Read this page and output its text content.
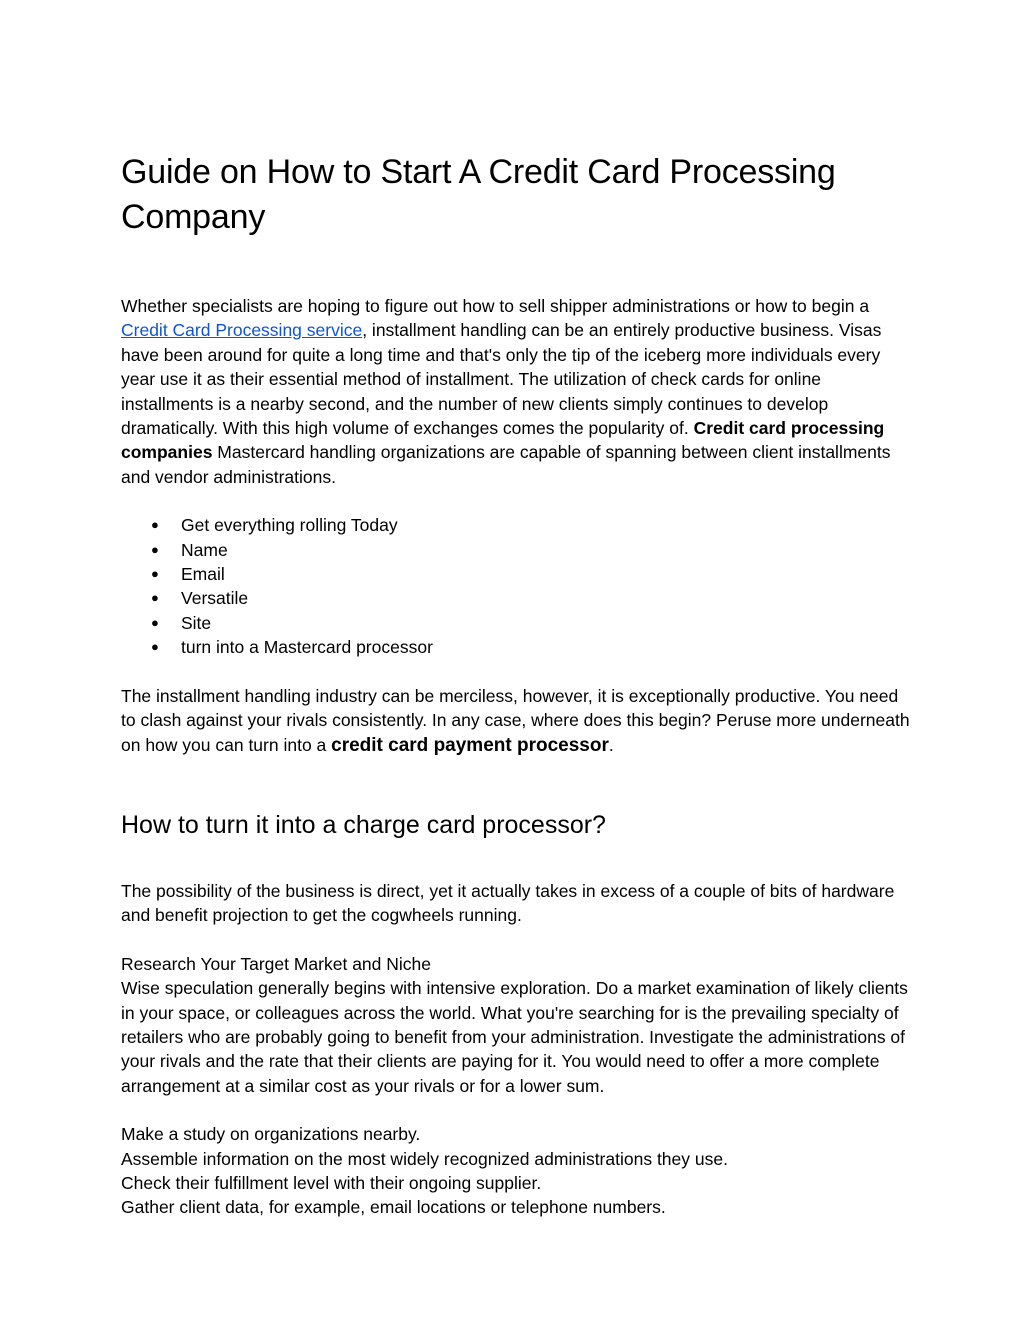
Guide on How to Start A Credit Card Processing Company

Whether specialists are hoping to figure out how to sell shipper administrations or how to begin a Credit Card Processing service, installment handling can be an entirely productive business. Visas have been around for quite a long time and that's only the tip of the iceberg more individuals every year use it as their essential method of installment. The utilization of check cards for online installments is a nearby second, and the number of new clients simply continues to develop dramatically. With this high volume of exchanges comes the popularity of. Credit card processing companies Mastercard handling organizations are capable of spanning between client installments and vendor administrations.

● Get everything rolling Today
● Name
● Email
● Versatile
● Site
● turn into a Mastercard processor

The installment handling industry can be merciless, however, it is exceptionally productive. You need to clash against your rivals consistently. In any case, where does this begin? Peruse more underneath on how you can turn into a credit card payment processor.

How to turn it into a charge card processor?

The possibility of the business is direct, yet it actually takes in excess of a couple of bits of hardware and benefit projection to get the cogwheels running.

Research Your Target Market and Niche

Wise speculation generally begins with intensive exploration. Do a market examination of likely clients in your space, or colleagues across the world. What you're searching for is the prevailing specialty of retailers who are probably going to benefit from your administration. Investigate the administrations of your rivals and the rate that their clients are paying for it. You would need to offer a more complete arrangement at a similar cost as your rivals or for a lower sum.

Make a study on organizations nearby.

Assemble information on the most widely recognized administrations they use.

Check their fulfillment level with their ongoing supplier.

Gather client data, for example, email locations or telephone numbers.
